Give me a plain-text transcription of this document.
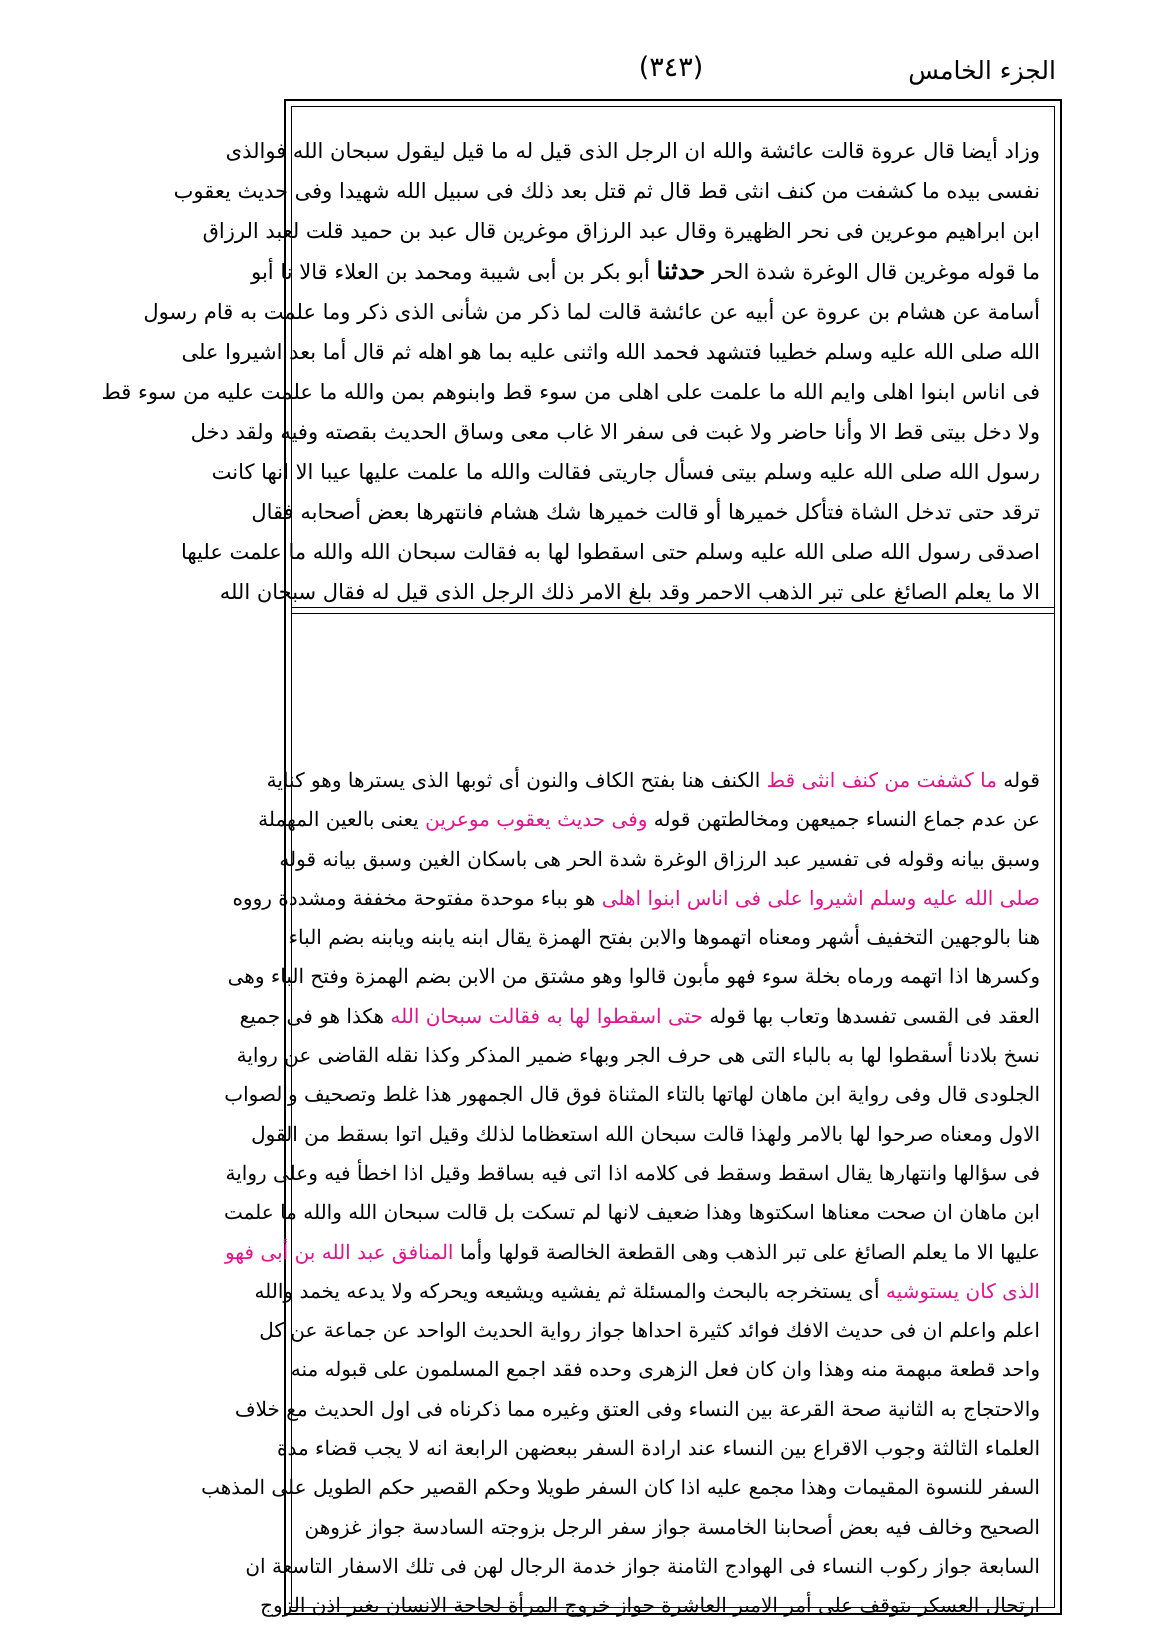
الجزء الخامس
(٣٤٣)
وزاد أيضا قال عروة قالت عائشة والله ان الرجل الذى قيل له ما قيل ليقول سبحان الله فوالذى
نفسى بيده ما كشفت من كنف انثى قط قال ثم قتل بعد ذلك فى سبيل الله شهيدا وفى حديث يعقوب
ابن ابراهيم موعرين فى نحر الظهيرة وقال عبد الرزاق موغرين قال عبد بن حميد قلت لعبد الرزاق
ما قوله موغرين قال الوغرة شدة الحر حدثنا أبو بكر بن أبى شيبة ومحمد بن العلاء قالا نا أبو
أسامة عن هشام بن عروة عن أبيه عن عائشة قالت لما ذكر من شأنى الذى ذكر وما علمت به قام رسول
الله صلى الله عليه وسلم خطيبا فتشهد فحمد الله واثنى عليه بما هو اهله ثم قال أما بعد اشيروا على
فى اناس ابنوا اهلى وايم الله ما علمت على اهلى من سوء قط وابنوهم بمن والله ما علمت عليه من سوء قط
ولا دخل بيتى قط الا وأنا حاضر ولا غبت فى سفر الا غاب معى وساق الحديث بقصته وفيه ولقد دخل
رسول الله صلى الله عليه وسلم بيتى فسأل جاريتى فقالت والله ما علمت عليها عيبا الا انها كانت
ترقد حتى تدخل الشاة فتأكل خميرها أو قالت خميرها شك هشام فانتهرها بعض أصحابه فقال
اصدقى رسول الله صلى الله عليه وسلم حتى اسقطوا لها به فقالت سبحان الله والله ما علمت عليها
الا ما يعلم الصائغ على تبر الذهب الاحمر وقد بلغ الامر ذلك الرجل الذى قيل له فقال سبحان الله
قوله ما كشفت من كنف انثى قط الكنف هنا بفتح الكاف والنون أى ثوبها الذى يسترها وهو كناية
عن عدم جماع النساء جميعهن ومخالطتهن قوله وفى حديث يعقوب موعرين يعنى بالعين المهملة
وسبق بيانه وقوله فى تفسير عبد الرزاق الوغرة شدة الحر هى باسكان الغين وسبق بيانه قوله
صلى الله عليه وسلم اشيروا على فى اناس ابنوا اهلى هو بباء موحدة مفتوحة مخففة ومشددة رووه
هنا بالوجهين التخفيف أشهر ومعناه اتهموها والابن بفتح الهمزة يقال ابنه يابنه ويابنه بضم الباء
وكسرها اذا اتهمه ورماه بخلة سوء فهو مأبون قالوا وهو مشتق من الابن بضم الهمزة وفتح الباء وهى
العقد فى القسى تفسدها وتعاب بها قوله حتى اسقطوا لها به فقالت سبحان الله هكذا هو فى جميع
نسخ بلادنا أسقطوا لها به بالباء التى هى حرف الجر وبهاء ضمير المذكر وكذا نقله القاضى عن رواية
الجلودى قال وفى رواية ابن ماهان لهاتها بالتاء المثناة فوق قال الجمهور هذا غلط وتصحيف والصواب
الاول ومعناه صرحوا لها بالامر ولهذا قالت سبحان الله استعظاما لذلك وقيل اتوا بسقط من القول
فى سؤالها وانتهارها يقال اسقط وسقط فى كلامه اذا اتى فيه بساقط وقيل اذا اخطأ فيه وعلى رواية
ابن ماهان ان صحت معناها اسكتوها وهذا ضعيف لانها لم تسكت بل قالت سبحان الله والله ما علمت
عليها الا ما يعلم الصائغ على تبر الذهب وهى القطعة الخالصة قولها وأما المنافق عبد الله بن أبى فهو
الذى كان يستوشيه أى يستخرجه بالبحث والمسئلة ثم يفشيه ويشيعه ويحركه ولا يدعه يخمد والله
اعلم واعلم ان فى حديث الافك فوائد كثيرة احداها جواز رواية الحديث الواحد عن جماعة عن كل
واحد قطعة مبهمة منه وهذا وان كان فعل الزهرى وحده فقد اجمع المسلمون على قبوله منه
والاحتجاج به الثانية صحة القرعة بين النساء وفى العتق وغيره مما ذكرناه فى اول الحديث مع خلاف
العلماء الثالثة وجوب الاقراع بين النساء عند ارادة السفر ببعضهن الرابعة انه لا يجب قضاء مدة
السفر للنسوة المقيمات وهذا مجمع عليه اذا كان السفر طويلا وحكم القصير حكم الطويل على المذهب
الصحيح وخالف فيه بعض أصحابنا الخامسة جواز سفر الرجل بزوجته السادسة جواز غزوهن
السابعة جواز ركوب النساء فى الهوادج الثامنة جواز خدمة الرجال لهن فى تلك الاسفار التاسعة ان
ارتحال العسكر يتوقف على أمر الامير العاشرة جواز خروج المرأة لحاجة الانسان بغير اذن الزوج
